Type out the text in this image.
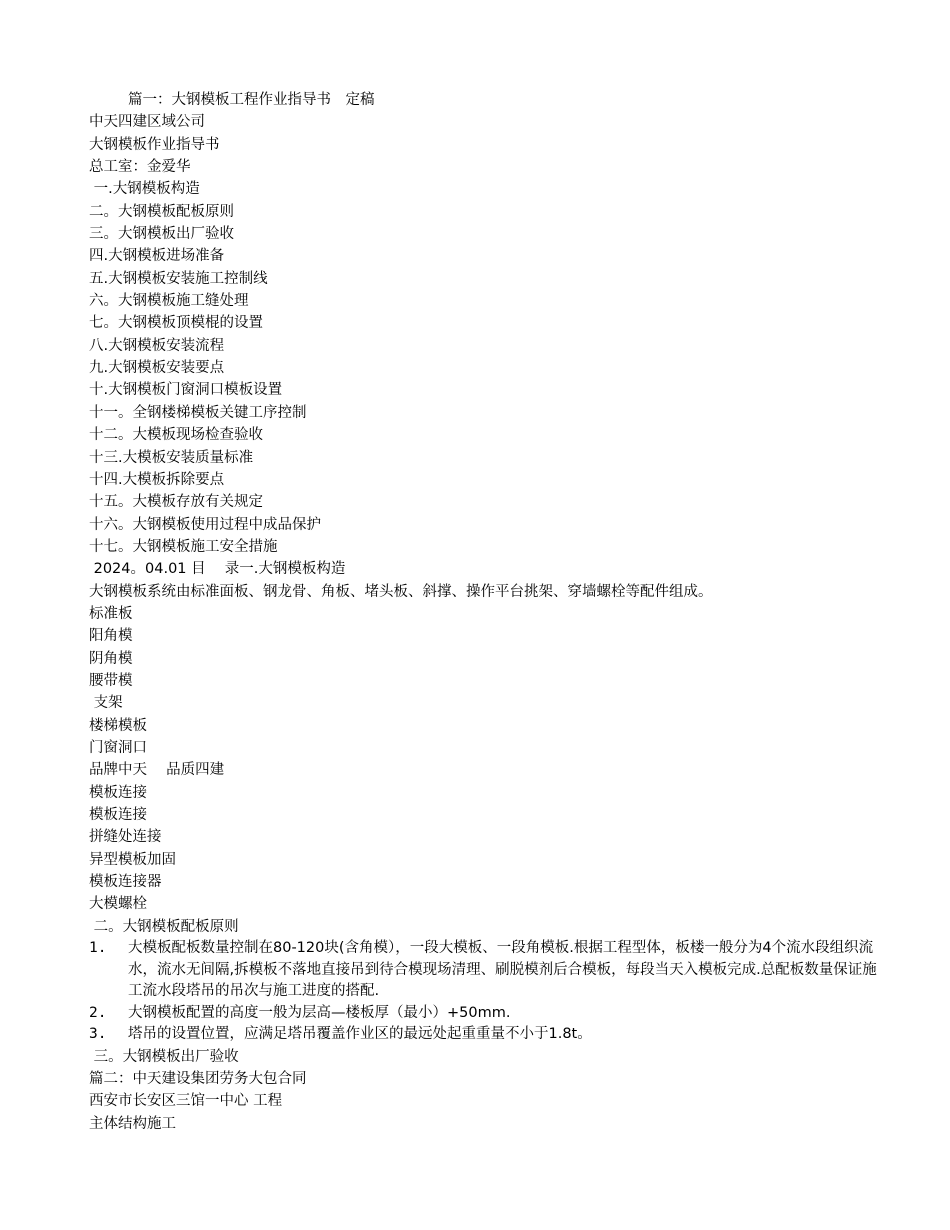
篇一：大钢模板工程作业指导书　定稿
中天四建区域公司
大钢模板作业指导书
总工室：金爱华
一.大钢模板构造
二。大钢模板配板原则
三。大钢模板出厂验收
四.大钢模板进场准备
五.大钢模板安装施工控制线
六。大钢模板施工缝处理
七。大钢模板顶模棍的设置
八.大钢模板安装流程
九.大钢模板安装要点
十.大钢模板门窗洞口模板设置
十一。全钢楼梯模板关键工序控制
十二。大模板现场检查验收
十三.大模板安装质量标准
十四.大模板拆除要点
十五。大模板存放有关规定
十六。大钢模板使用过程中成品保护
十七。大钢模板施工安全措施
2024。04.01 目　 录一.大钢模板构造
大钢模板系统由标准面板、钢龙骨、角板、堵头板、斜撑、操作平台挑架、穿墙螺栓等配件组成。
标准板
阳角模
阴角模
腰带模
支架
楼梯模板
门窗洞口
品牌中天　 品质四建
模板连接
模板连接
拼缝处连接
异型模板加固
模板连接器
大模螺栓
二。大钢模板配板原则
1.	大模板配板数量控制在80-120块(含角模），一段大模板、一段角模板.根据工程型体，板楼一般分为4个流水段组织流水，流水无间隔,拆模板不落地直接吊到待合模现场清理、刷脱模剂后合模板，每段当天入模板完成.总配板数量保证施工流水段塔吊的吊次与施工进度的搭配.
2.	大钢模板配置的高度一般为层高—楼板厚（最小）+50mm.
3.	塔吊的设置位置，应满足塔吊覆盖作业区的最远处起重重量不小于1.8t。
三。大钢模板出厂验收
篇二：中天建设集团劳务大包合同
西安市长安区三馆一中心 工程
主体结构施工
